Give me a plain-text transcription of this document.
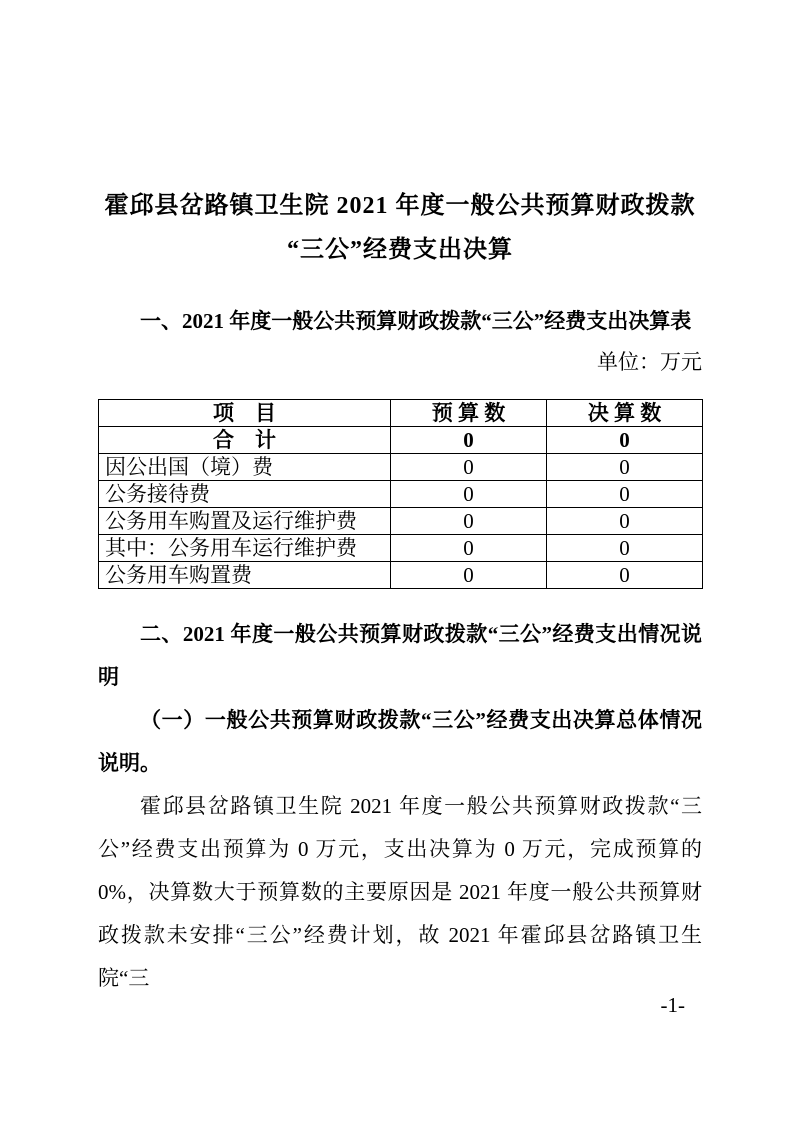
霍邱县岔路镇卫生院 2021 年度一般公共预算财政拨款
“三公”经费支出决算

一、2021 年度一般公共预算财政拨款“三公”经费支出决算表

单位：万元
项　目	预 算 数	决 算 数
合　计	0	0
因公出国（境）费	0	0
公务接待费	0	0
公务用车购置及运行维护费	0	0
其中：公务用车运行维护费	0	0
公务用车购置费	0	0

二、2021 年度一般公共预算财政拨款“三公”经费支出情况说明

（一）一般公共预算财政拨款“三公”经费支出决算总体情况说明。

霍邱县岔路镇卫生院 2021 年度一般公共预算财政拨款“三公”经费支出预算为 0 万元，支出决算为 0 万元，完成预算的 0%，决算数大于预算数的主要原因是 2021 年度一般公共预算财政拨款未安排“三公”经费计划，故 2021 年霍邱县岔路镇卫生院“三

-1-
